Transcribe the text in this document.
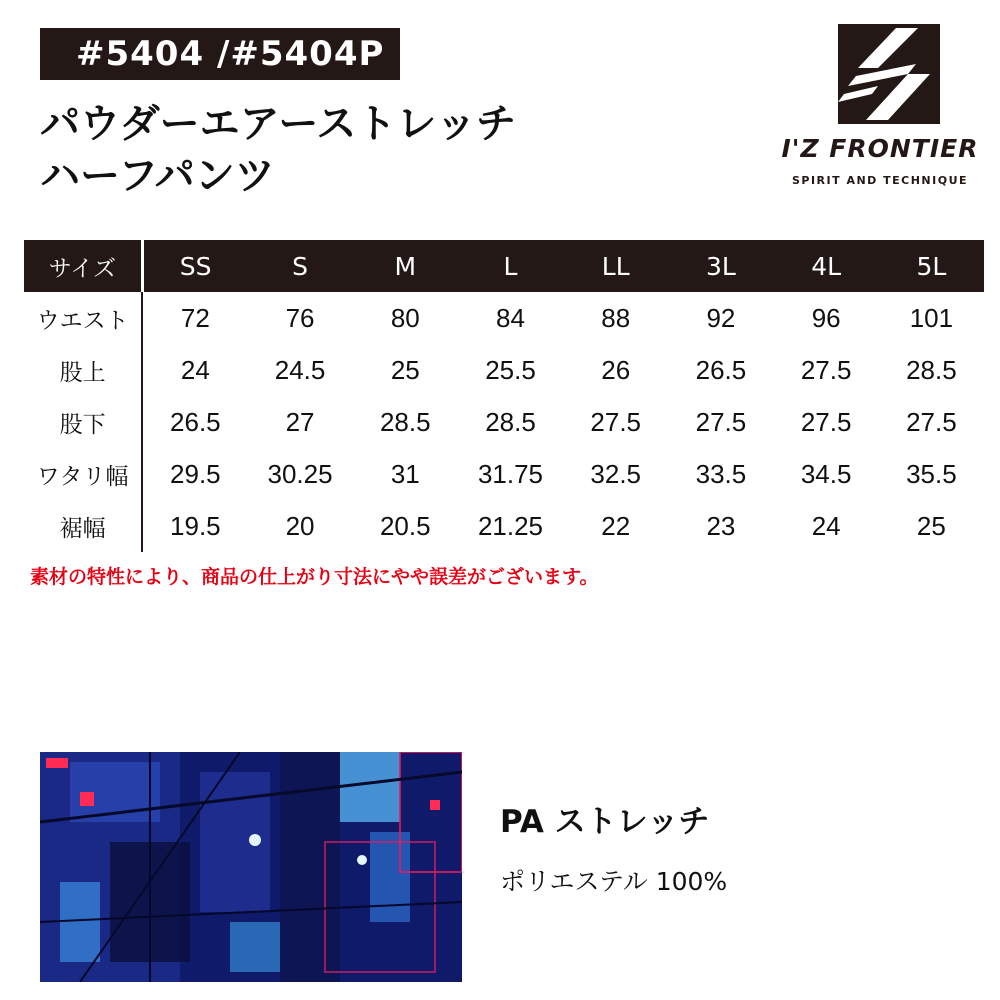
#5404 /#5404P
パウダーエアーストレッチ
ハーフパンツ
I'Z FRONTIER
SPIRIT AND TECHNIQUE
サイズ	SS	S	M	L	LL	3L	4L	5L
ウエスト	72	76	80	84	88	92	96	101
股上	24	24.5	25	25.5	26	26.5	27.5	28.5
股下	26.5	27	28.5	28.5	27.5	27.5	27.5	27.5
ワタリ幅	29.5	30.25	31	31.75	32.5	33.5	34.5	35.5
裾幅	19.5	20	20.5	21.25	22	23	24	25
素材の特性により、商品の仕上がり寸法にやや誤差がございます。
PA ストレッチ
ポリエステル 100%
